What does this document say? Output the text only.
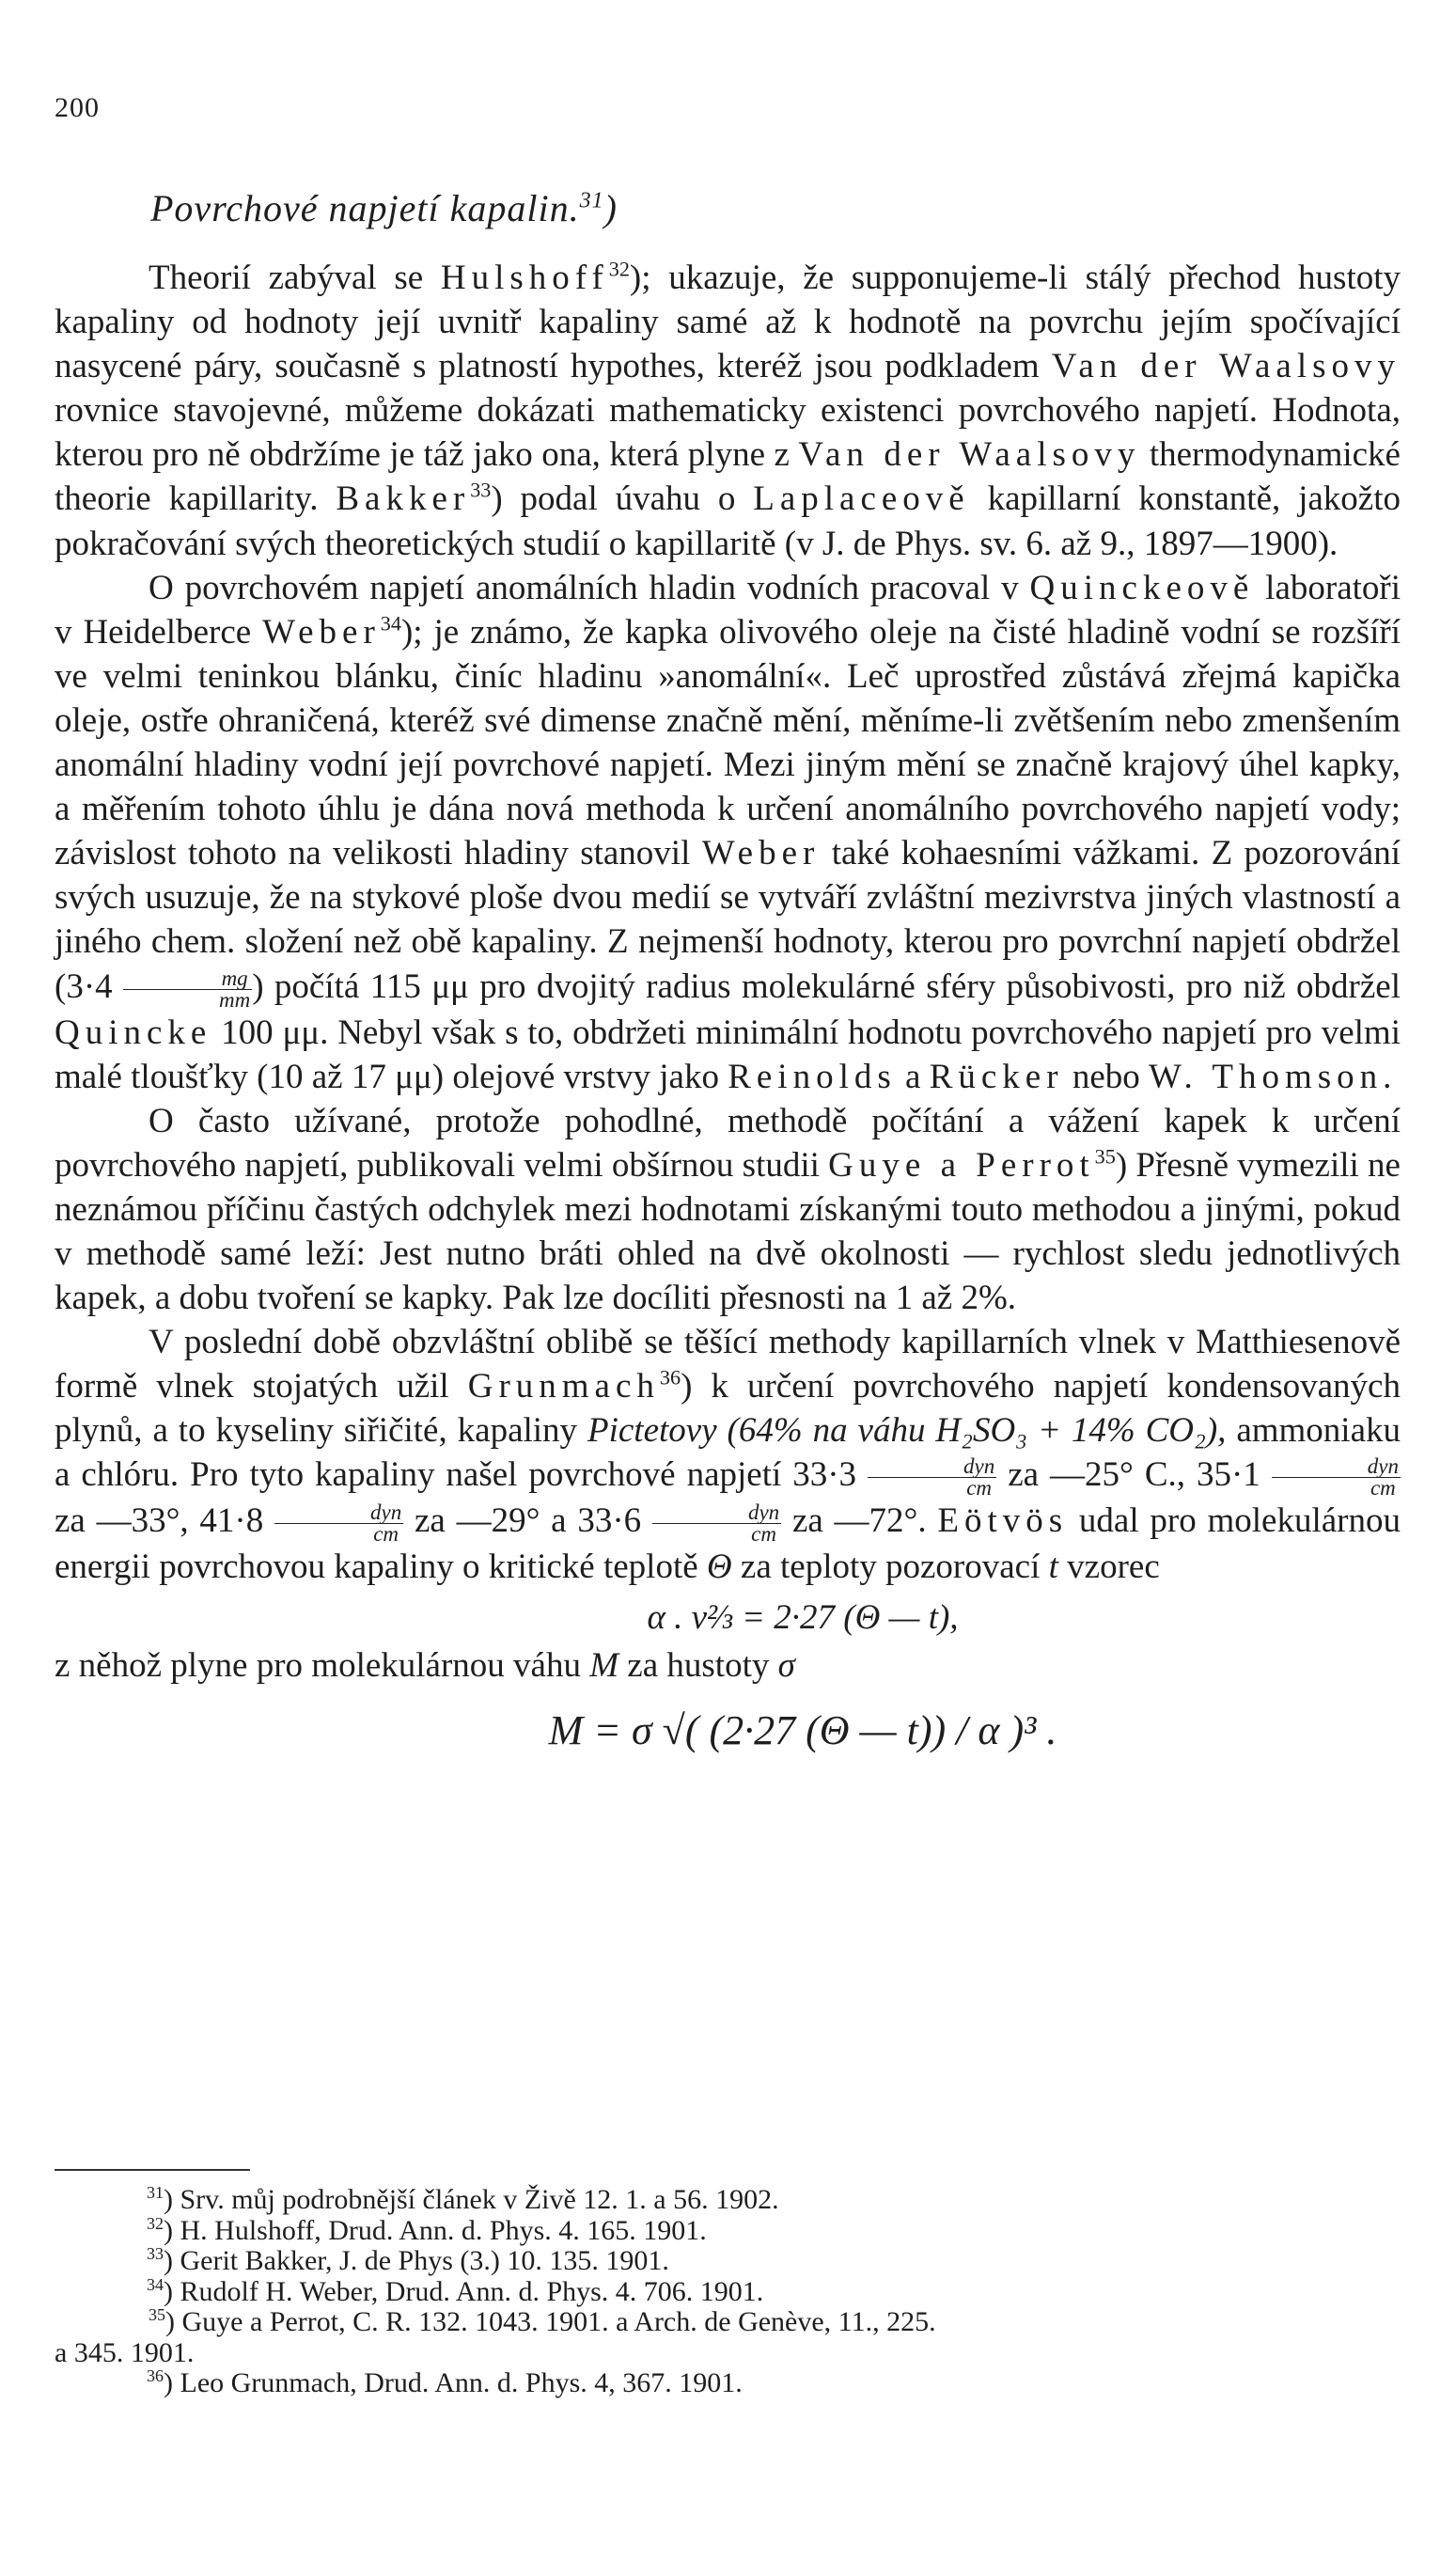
200
Povrchové napjetí kapalin.$^{31}$)

Theorií zabýval se Hulshoff$^{32}$); ukazuje, že supponujeme-li stálý přechod hustoty kapaliny od hodnoty její uvnitř kapaliny samé až k hodnotě na povrchu jejím spočívající nasycené páry, současně s platností hypothes, kteréž jsou podkladem Van der Waalsovy rovnice stavojevné, můžeme dokázati mathematicky existenci povrchového napjetí. Hodnota, kterou pro ně obdržíme je táž jako ona, která plyne z Van der Waalsovy thermodynamické theorie kapillarity. Bakker$^{33}$) podal úvahu o Laplaceově kapillarní konstantě, jakožto pokračování svých theoretických studií o kapillaritě (v J. de Phys. sv. 6. až 9., 1897—1900).

O povrchovém napjetí anomálních hladin vodních pracoval v Quinckeově laboratoři v Heidelberce Weber$^{34}$); je známo, že kapka olivového oleje na čisté hladině vodní se rozšíří ve velmi teninkou blánku, činíc hladinu »anomální«. Leč uprostřed zůstává zřejmá kapička oleje, ostře ohraničená, kteréž své dimense značně mění, měníme-li zvětšením nebo zmenšením anomální hladiny vodní její povrchové napjetí. Mezi jiným mění se značně krajový úhel kapky, a měřením tohoto úhlu je dána nová methoda k určení anomálního povrchového napjetí vody; závislost tohoto na velikosti hladiny stanovil Weber také kohaesními vážkami. Z pozorování svých usuzuje, že na stykové ploše dvou medií se vytváří zvláštní mezivrstva jiných vlastností a jiného chem. složení než obě kapaliny. Z nejmenší hodnoty, kterou pro povrchní napjetí obdržel ($3\cdot 4 \frac{mg}{mm}$ ) počítá 115 μμ pro dvojitý radius molekulárné sféry působivosti, pro niž obdržel Quincke 100 μμ. Nebyl však s to, obdržeti minimální hodnotu povrchového napjetí pro velmi malé tloušťky (10 až 17 μμ) olejové vrstvy jako Reinolds a Rücker nebo W. Thomson.

O často užívané, protože pohodlné, methodě počítání a vážení kapek k určení povrchového napjetí, publikovali velmi obšírnou studii Guye a Perrot$^{35}$) Přesně vymezili ne neznámou příčinu častých odchylek mezi hodnotami získanými touto methodou a jinými, pokud v methodě samé leží: Jest nutno bráti ohled na dvě okolnosti — rychlost sledu jednotlivých kapek, a dobu tvoření se kapky. Pak lze docíliti přesnosti na 1 až 2%.

V poslední době obzvláštní oblibě se těšící methody kapillarních vlnek v Matthiesenově formě vlnek stojatých užil Grunmach$^{36}$) k určení povrchového napjetí kondensovaných plynů, a to kyseliny siřičité, kapaliny Pictetovy (64% na váhu H₂SO₃ + 14% CO₂), ammoniaku a chlóru. Pro tyto kapaliny našel povrchové napjetí $33\cdot 3 \frac{\text{dyn}}{cm}$ za —25° C., $35\cdot 1 \frac{\text{dyn}}{cm}$
za —33°, $41\cdot 8 \frac{\text{dyn}}{cm}$ za —29° a $33\cdot 6 \frac{\text{dyn}}{cm}$ za —72°. Eötvös udal pro molekulárnou energii povrchovou kapaliny o kritické teplotě Θ za teploty pozorovací t vzorec

α . v⅔ = 2·27 (Θ — t),

z něhož plyne pro molekulárnou váhu M za hustoty σ

M = σ √( (2·27 (Θ — t)) / α )³ .

$^{31}$) Srv. můj podrobnější článek v Živě 12. 1. a 56. 1902.

$^{32}$) H. Hulshoff, Drud. Ann. d. Phys. 4. 165. 1901.

$^{33}$) Gerit Bakker, J. de Phys (3.) 10. 135. 1901.

$^{34}$) Rudolf H. Weber, Drud. Ann. d. Phys. 4. 706. 1901.

$^{35}$) Guye a Perrot, C. R. 132. 1043. 1901. a Arch. de Genève, 11., 225.
a 345. 1901.

$^{36}$) Leo Grunmach, Drud. Ann. d. Phys. 4, 367. 1901.
